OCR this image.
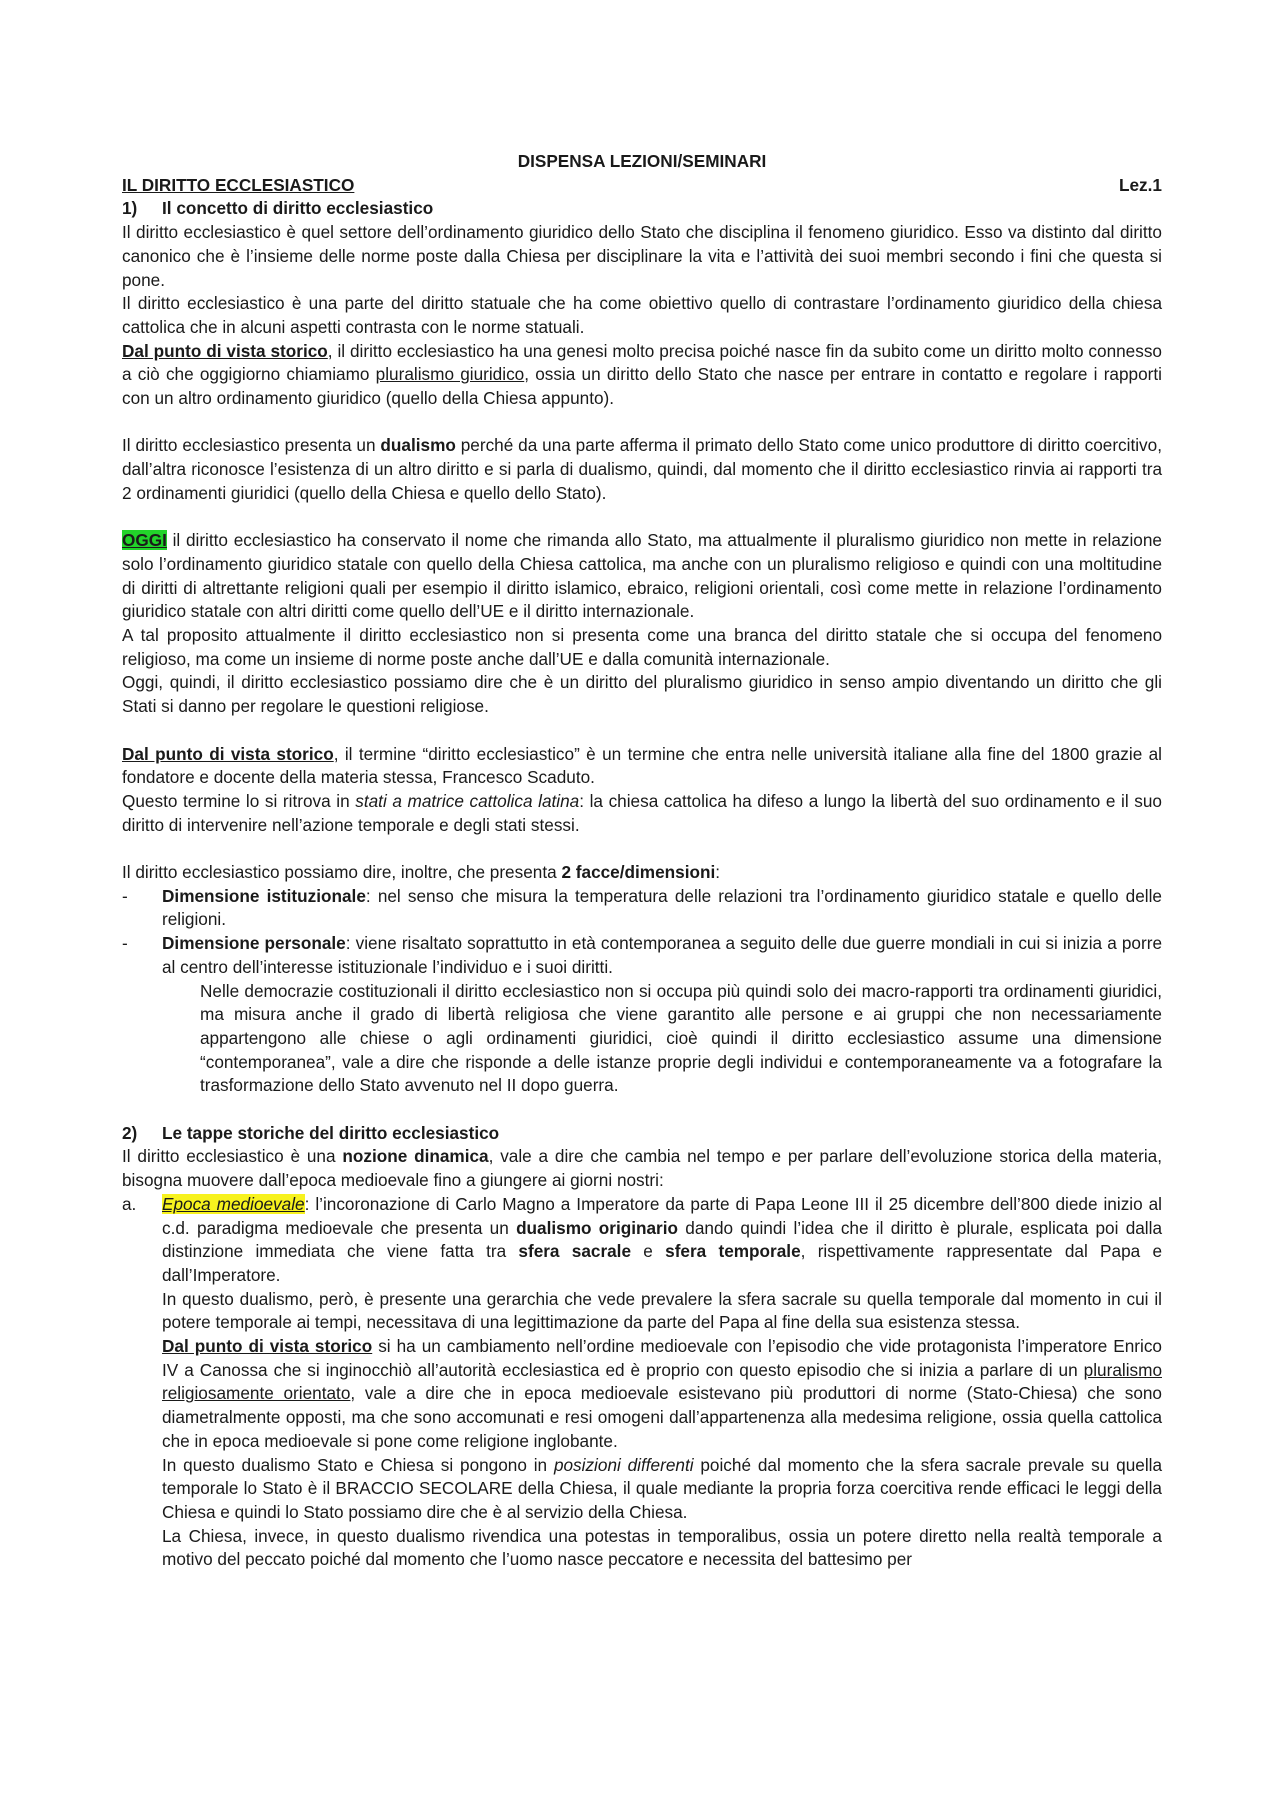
DISPENSA LEZIONI/SEMINARI

IL DIRITTO ECCLESIASTICO	Lez.1
1)	Il concetto di diritto ecclesiastico

Il diritto ecclesiastico è quel settore dell’ordinamento giuridico dello Stato che disciplina il fenomeno giuridico. Esso va distinto dal diritto canonico che è l’insieme delle norme poste dalla Chiesa per disciplinare la vita e l’attività dei suoi membri secondo i fini che questa si pone.

Il diritto ecclesiastico è una parte del diritto statuale che ha come obiettivo quello di contrastare l’ordinamento giuridico della chiesa cattolica che in alcuni aspetti contrasta con le norme statuali.

Dal punto di vista storico, il diritto ecclesiastico ha una genesi molto precisa poiché nasce fin da subito come un diritto molto connesso a ciò che oggigiorno chiamiamo pluralismo giuridico, ossia un diritto dello Stato che nasce per entrare in contatto e regolare i rapporti con un altro ordinamento giuridico (quello della Chiesa appunto).

Il diritto ecclesiastico presenta un dualismo perché da una parte afferma il primato dello Stato come unico produttore di diritto coercitivo, dall’altra riconosce l’esistenza di un altro diritto e si parla di dualismo, quindi, dal momento che il diritto ecclesiastico rinvia ai rapporti tra 2 ordinamenti giuridici (quello della Chiesa e quello dello Stato).

OGGI il diritto ecclesiastico ha conservato il nome che rimanda allo Stato, ma attualmente il pluralismo giuridico non mette in relazione solo l’ordinamento giuridico statale con quello della Chiesa cattolica, ma anche con un pluralismo religioso e quindi con una moltitudine di diritti di altrettante religioni quali per esempio il diritto islamico, ebraico, religioni orientali, così come mette in relazione l’ordinamento giuridico statale con altri diritti come quello dell’UE e il diritto internazionale.

A tal proposito attualmente il diritto ecclesiastico non si presenta come una branca del diritto statale che si occupa del fenomeno religioso, ma come un insieme di norme poste anche dall’UE e dalla comunità internazionale.

Oggi, quindi, il diritto ecclesiastico possiamo dire che è un diritto del pluralismo giuridico in senso ampio diventando un diritto che gli Stati si danno per regolare le questioni religiose.

Dal punto di vista storico, il termine “diritto ecclesiastico” è un termine che entra nelle università italiane alla fine del 1800 grazie al fondatore e docente della materia stessa, Francesco Scaduto.

Questo termine lo si ritrova in stati a matrice cattolica latina: la chiesa cattolica ha difeso a lungo la libertà del suo ordinamento e il suo diritto di intervenire nell’azione temporale e degli stati stessi.

Il diritto ecclesiastico possiamo dire, inoltre, che presenta 2 facce/dimensioni:

-	Dimensione istituzionale: nel senso che misura la temperatura delle relazioni tra l’ordinamento giuridico statale e quello delle religioni.

-	Dimensione personale: viene risaltato soprattutto in età contemporanea a seguito delle due guerre mondiali in cui si inizia a porre al centro dell’interesse istituzionale l’individuo e i suoi diritti.

Nelle democrazie costituzionali il diritto ecclesiastico non si occupa più quindi solo dei macro-rapporti tra ordinamenti giuridici, ma misura anche il grado di libertà religiosa che viene garantito alle persone e ai gruppi che non necessariamente appartengono alle chiese o agli ordinamenti giuridici, cioè quindi il diritto ecclesiastico assume una dimensione “contemporanea”, vale a dire che risponde a delle istanze proprie degli individui e contemporaneamente va a fotografare la trasformazione dello Stato avvenuto nel II dopo guerra.

2)	Le tappe storiche del diritto ecclesiastico

Il diritto ecclesiastico è una nozione dinamica, vale a dire che cambia nel tempo e per parlare dell’evoluzione storica della materia, bisogna muovere dall’epoca medioevale fino a giungere ai giorni nostri:

a.	Epoca medioevale: l’incoronazione di Carlo Magno a Imperatore da parte di Papa Leone III il 25 dicembre dell’800 diede inizio al c.d. paradigma medioevale che presenta un dualismo originario dando quindi l’idea che il diritto è plurale, esplicata poi dalla distinzione immediata che viene fatta tra sfera sacrale e sfera temporale, rispettivamente rappresentate dal Papa e dall’Imperatore.

In questo dualismo, però, è presente una gerarchia che vede prevalere la sfera sacrale su quella temporale dal momento in cui il potere temporale ai tempi, necessitava di una legittimazione da parte del Papa al fine della sua esistenza stessa.

Dal punto di vista storico si ha un cambiamento nell’ordine medioevale con l’episodio che vide protagonista l’imperatore Enrico IV a Canossa che si inginocchiò all’autorità ecclesiastica ed è proprio con questo episodio che si inizia a parlare di un pluralismo religiosamente orientato, vale a dire che in epoca medioevale esistevano più produttori di norme (Stato-Chiesa) che sono diametralmente opposti, ma che sono accomunati e resi omogeni dall’appartenenza alla medesima religione, ossia quella cattolica che in epoca medioevale si pone come religione inglobante.

In questo dualismo Stato e Chiesa si pongono in posizioni differenti poiché dal momento che la sfera sacrale prevale su quella temporale lo Stato è il BRACCIO SECOLARE della Chiesa, il quale mediante la propria forza coercitiva rende efficaci le leggi della Chiesa e quindi lo Stato possiamo dire che è al servizio della Chiesa.

La Chiesa, invece, in questo dualismo rivendica una potestas in temporalibus, ossia un potere diretto nella realtà temporale a motivo del peccato poiché dal momento che l’uomo nasce peccatore e necessita del battesimo per
